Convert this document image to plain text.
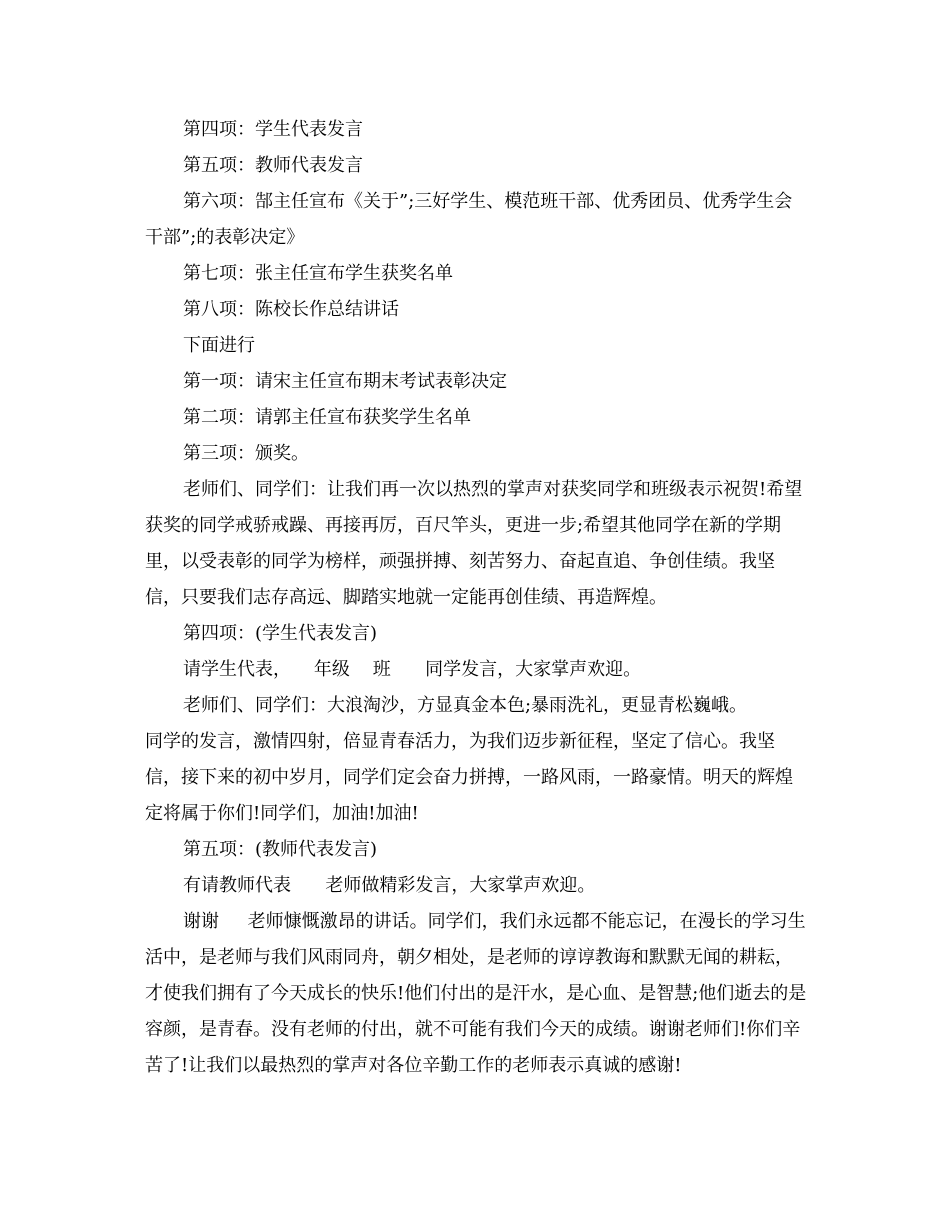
第四项：学生代表发言

第五项：教师代表发言

第六项：郜主任宣布《关于”;三好学生、模范班干部、优秀团员、优秀学生会干部”;的表彰决定》

第七项：张主任宣布学生获奖名单

第八项：陈校长作总结讲话

下面进行

第一项：请宋主任宣布期末考试表彰决定

第二项：请郭主任宣布获奖学生名单

第三项：颁奖。

老师们、同学们：让我们再一次以热烈的掌声对获奖同学和班级表示祝贺!希望获奖的同学戒骄戒躁、再接再厉，百尺竿头，更进一步;希望其他同学在新的学期里，以受表彰的同学为榜样，顽强拼搏、刻苦努力、奋起直追、争创佳绩。我坚信，只要我们志存高远、脚踏实地就一定能再创佳绩、再造辉煌。

第四项：(学生代表发言)

请学生代表，    年级    班      同学发言，大家掌声欢迎。

老师们、同学们：大浪淘沙，方显真金本色;暴雨洗礼，更显青松巍峨。

同学的发言，激情四射，倍显青春活力，为我们迈步新征程，坚定了信心。我坚信，接下来的初中岁月，同学们定会奋力拼搏，一路风雨，一路豪情。明天的辉煌定将属于你们!同学们，加油!加油!

第五项：(教师代表发言)

有请教师代表      老师做精彩发言，大家掌声欢迎。

谢谢     老师慷慨激昂的讲话。同学们，我们永远都不能忘记，在漫长的学习生活中，是老师与我们风雨同舟，朝夕相处，是老师的谆谆教诲和默默无闻的耕耘，才使我们拥有了今天成长的快乐!他们付出的是汗水，是心血、是智慧;他们逝去的是容颜，是青春。没有老师的付出，就不可能有我们今天的成绩。谢谢老师们!你们辛苦了!让我们以最热烈的掌声对各位辛勤工作的老师表示真诚的感谢!
